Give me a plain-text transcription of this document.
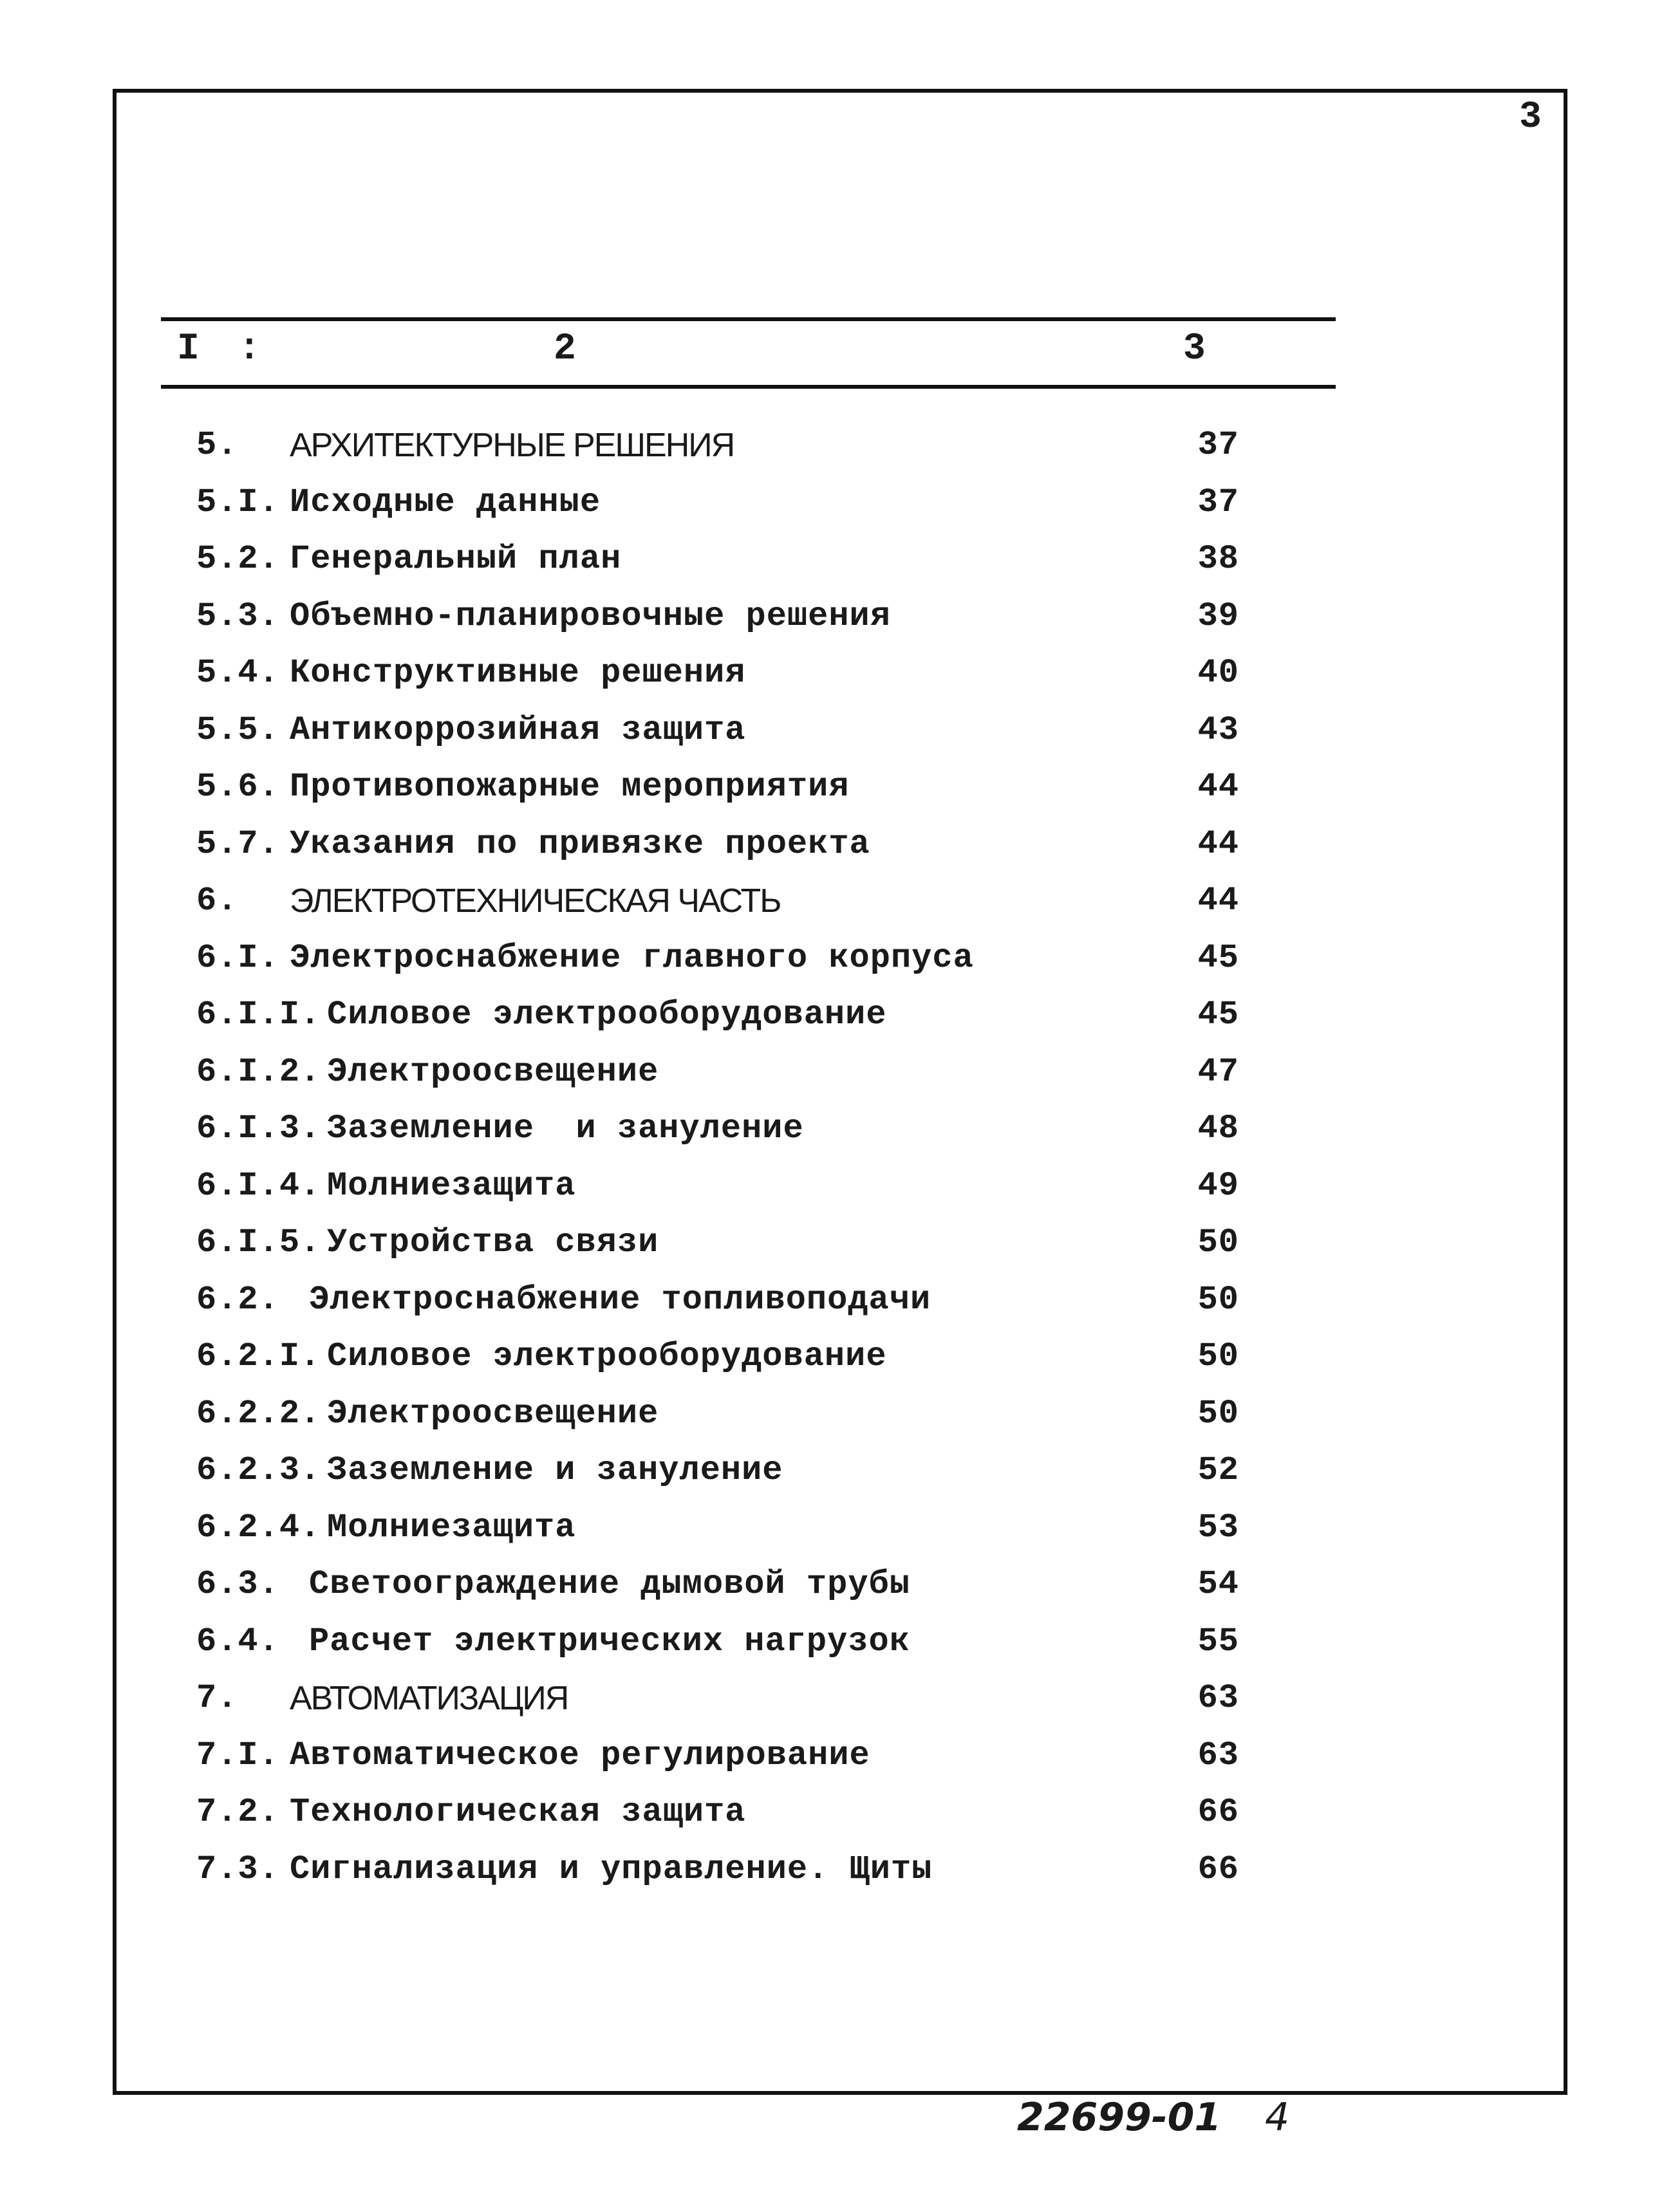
3
I :	2	3
5. АРХИТЕКТУРНЫЕ РЕШЕНИЯ	37
5.I. Исходные данные	37
5.2. Генеральный план	38
5.3. Объемно-планировочные решения	39
5.4. Конструктивные решения	40
5.5. Антикоррозийная защита	43
5.6. Противопожарные мероприятия	44
5.7. Указания по привязке проекта	44
6. ЭЛЕКТРОТЕХНИЧЕСКАЯ ЧАСТЬ	44
6.I. Электроснабжение главного корпуса	45
6.I.I. Силовое электрооборудование	45
6.I.2. Электроосвещение	47
6.I.3. Заземление  и зануление	48
6.I.4. Молниезащита	49
6.I.5. Устройства связи	50
6.2. Электроснабжение топливоподачи	50
6.2.I. Силовое электрооборудование	50
6.2.2. Электроосвещение	50
6.2.3. Заземление и зануление	52
6.2.4. Молниезащита	53
6.3. Светоограждение дымовой трубы	54
6.4. Расчет электрических нагрузок	55
7. АВТОМАТИЗАЦИЯ	63
7.I. Автоматическое регулирование	63
7.2. Технологическая защита	66
7.3. Сигнализация и управление. Щиты	66
22699-01 4
